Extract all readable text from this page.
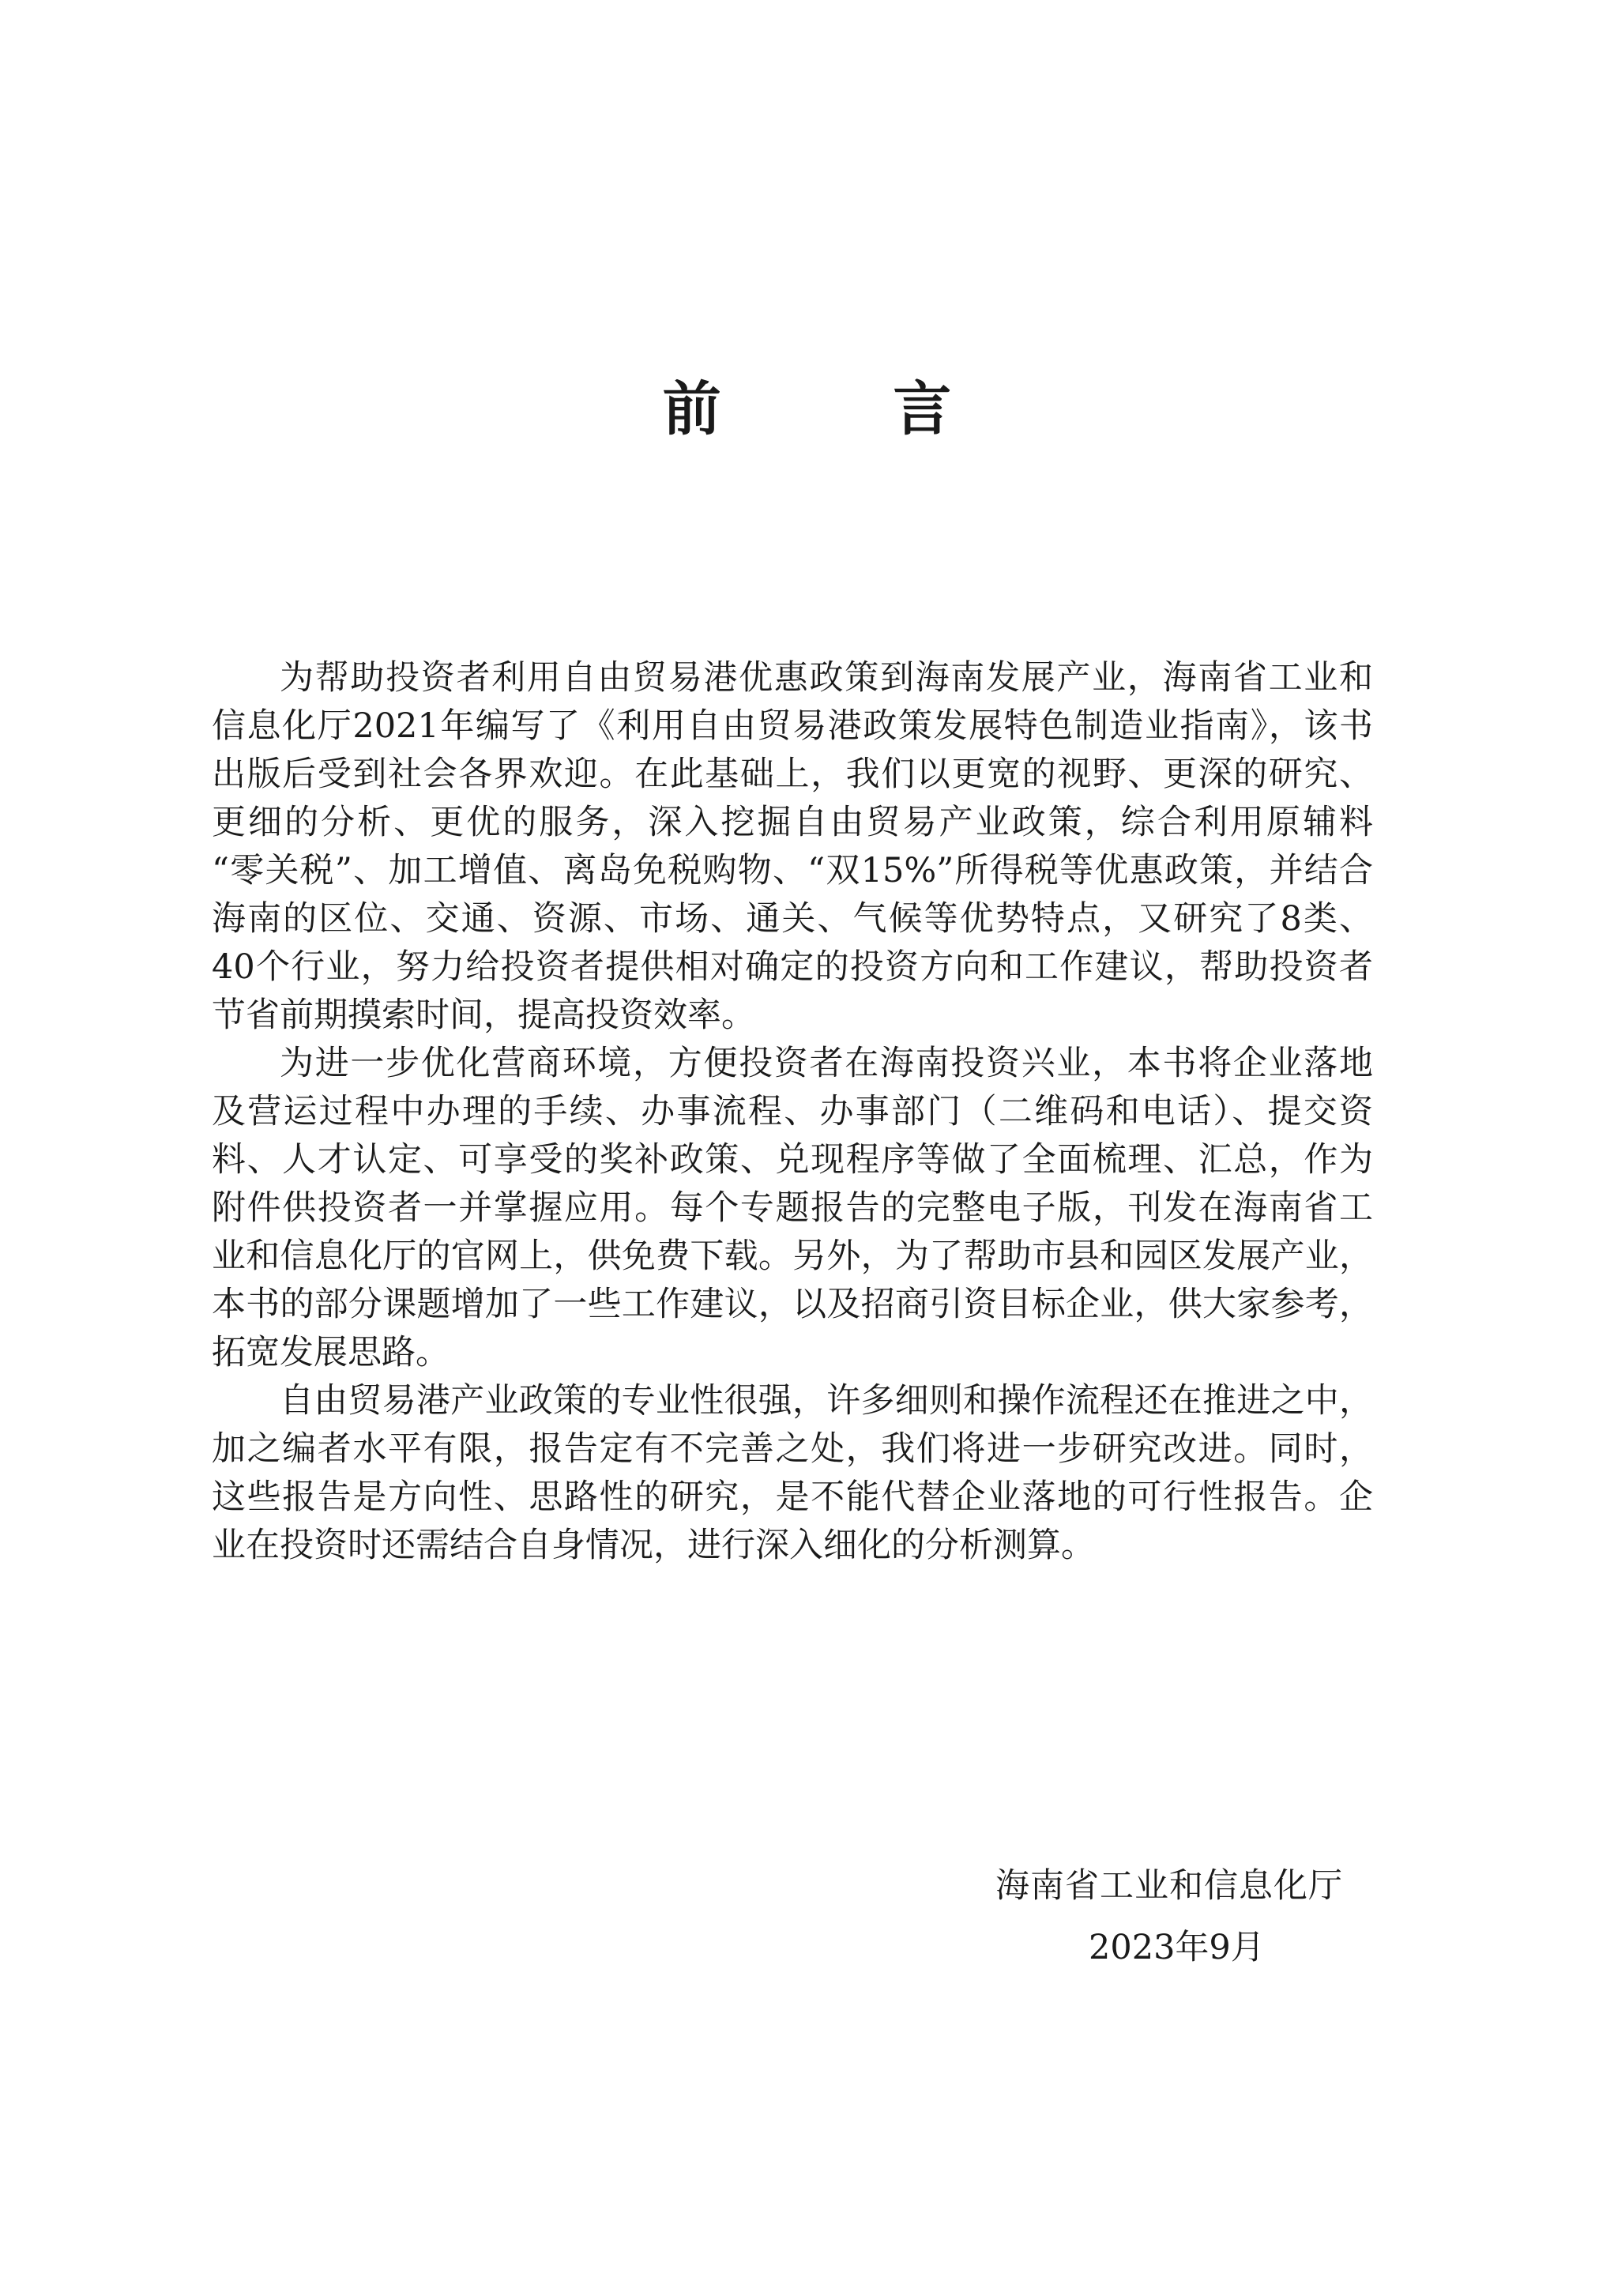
前 言
为帮助投资者利用自由贸易港优惠政策到海南发展产业，海南省工业和
信息化厅2021年编写了《利用自由贸易港政策发展特色制造业指南》，该书
出版后受到社会各界欢迎。在此基础上，我们以更宽的视野、更深的研究、
更细的分析、更优的服务，深入挖掘自由贸易产业政策，综合利用原辅料
“零关税”、加工增值、离岛免税购物、“双15%”所得税等优惠政策，并结合
海南的区位、交通、资源、市场、通关、气候等优势特点，又研究了8类、
40个行业，努力给投资者提供相对确定的投资方向和工作建议，帮助投资者
节省前期摸索时间，提高投资效率。
为进一步优化营商环境，方便投资者在海南投资兴业，本书将企业落地
及营运过程中办理的手续、办事流程、办事部门（二维码和电话）、提交资
料、人才认定、可享受的奖补政策、兑现程序等做了全面梳理、汇总，作为
附件供投资者一并掌握应用。每个专题报告的完整电子版，刊发在海南省工
业和信息化厅的官网上，供免费下载。另外，为了帮助市县和园区发展产业，
本书的部分课题增加了一些工作建议，以及招商引资目标企业，供大家参考，
拓宽发展思路。
自由贸易港产业政策的专业性很强，许多细则和操作流程还在推进之中，
加之编者水平有限，报告定有不完善之处，我们将进一步研究改进。同时，
这些报告是方向性、思路性的研究，是不能代替企业落地的可行性报告。企
业在投资时还需结合自身情况，进行深入细化的分析测算。
海南省工业和信息化厅
2023年9月
